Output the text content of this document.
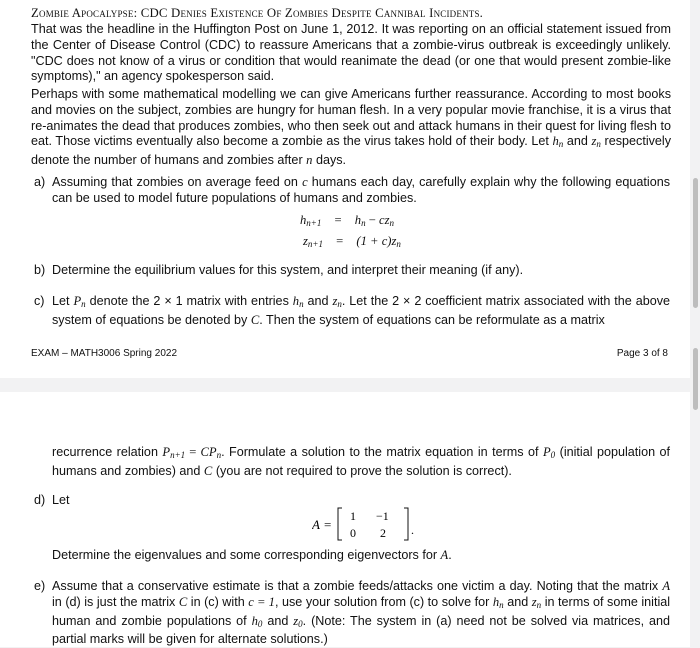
Zombie Apocalypse: CDC Denies Existence Of Zombies Despite Cannibal Incidents.
That was the headline in the Huffington Post on June 1, 2012. It was reporting on an official statement issued from the Center of Disease Control (CDC) to reassure Americans that a zombie-virus outbreak is exceedingly unlikely. "CDC does not know of a virus or condition that would reanimate the dead (or one that would present zombie-like symptoms)," an agency spokesperson said.
Perhaps with some mathematical modelling we can give Americans further reassurance. According to most books and movies on the subject, zombies are hungry for human flesh. In a very popular movie franchise, it is a virus that re-animates the dead that produces zombies, who then seek out and attack humans in their quest for living flesh to eat. Those victims eventually also become a zombie as the virus takes hold of their body. Let $h_n$ and $z_n$ respectively denote the number of humans and zombies after n days.
a) Assuming that zombies on average feed on c humans each day, carefully explain why the following equations can be used to model future populations of humans and zombies.
$h_{n+1} = h_n - cz_n$
$z_{n+1} = (1 + c)z_n$
b) Determine the equilibrium values for this system, and interpret their meaning (if any).
c) Let $P_n$ denote the 2 × 1 matrix with entries $h_n$ and $z_n$. Let the 2 × 2 coefficient matrix associated with the above system of equations be denoted by C. Then the system of equations can be reformulate as a matrix
EXAM – MATH3006 Spring 2022	Page 3 of 8
recurrence relation $P_{n+1} = CP_n$. Formulate a solution to the matrix equation in terms of $P_0$ (initial population of humans and zombies) and C (you are not required to prove the solution is correct).
d) Let
A =
1 −1
0 2 .
Determine the eigenvalues and some corresponding eigenvectors for A.
e) Assume that a conservative estimate is that a zombie feeds/attacks one victim a day. Noting that the matrix A in (d) is just the matrix C in (c) with c = 1, use your solution from (c) to solve for $h_n$ and $z_n$ in terms of some initial human and zombie populations of $h_0$ and $z_0$. (Note: The system in (a) need not be solved via matrices, and partial marks will be given for alternate solutions.)
